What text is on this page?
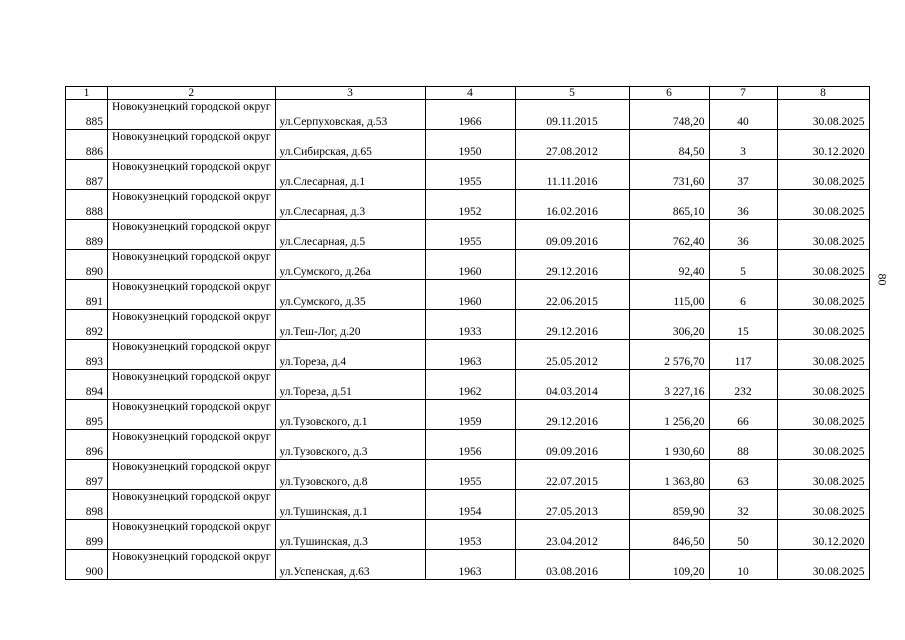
1	2	3	4	5	6	7	8
885	Новокузнецкий городской округ	ул.Серпуховская, д.53	1966	09.11.2015	748,20	40	30.08.2025
886	Новокузнецкий городской округ	ул.Сибирская, д.65	1950	27.08.2012	84,50	3	30.12.2020
887	Новокузнецкий городской округ	ул.Слесарная, д.1	1955	11.11.2016	731,60	37	30.08.2025
888	Новокузнецкий городской округ	ул.Слесарная, д.3	1952	16.02.2016	865,10	36	30.08.2025
889	Новокузнецкий городской округ	ул.Слесарная, д.5	1955	09.09.2016	762,40	36	30.08.2025
890	Новокузнецкий городской округ	ул.Сумского, д.26а	1960	29.12.2016	92,40	5	30.08.2025
891	Новокузнецкий городской округ	ул.Сумского, д.35	1960	22.06.2015	115,00	6	30.08.2025
892	Новокузнецкий городской округ	ул.Теш-Лог, д.20	1933	29.12.2016	306,20	15	30.08.2025
893	Новокузнецкий городской округ	ул.Тореза, д.4	1963	25.05.2012	2 576,70	117	30.08.2025
894	Новокузнецкий городской округ	ул.Тореза, д.51	1962	04.03.2014	3 227,16	232	30.08.2025
895	Новокузнецкий городской округ	ул.Тузовского, д.1	1959	29.12.2016	1 256,20	66	30.08.2025
896	Новокузнецкий городской округ	ул.Тузовского, д.3	1956	09.09.2016	1 930,60	88	30.08.2025
897	Новокузнецкий городской округ	ул.Тузовского, д.8	1955	22.07.2015	1 363,80	63	30.08.2025
898	Новокузнецкий городской округ	ул.Тушинская, д.1	1954	27.05.2013	859,90	32	30.08.2025
899	Новокузнецкий городской округ	ул.Тушинская, д.3	1953	23.04.2012	846,50	50	30.12.2020
900	Новокузнецкий городской округ	ул.Успенская, д.63	1963	03.08.2016	109,20	10	30.08.2025
80
